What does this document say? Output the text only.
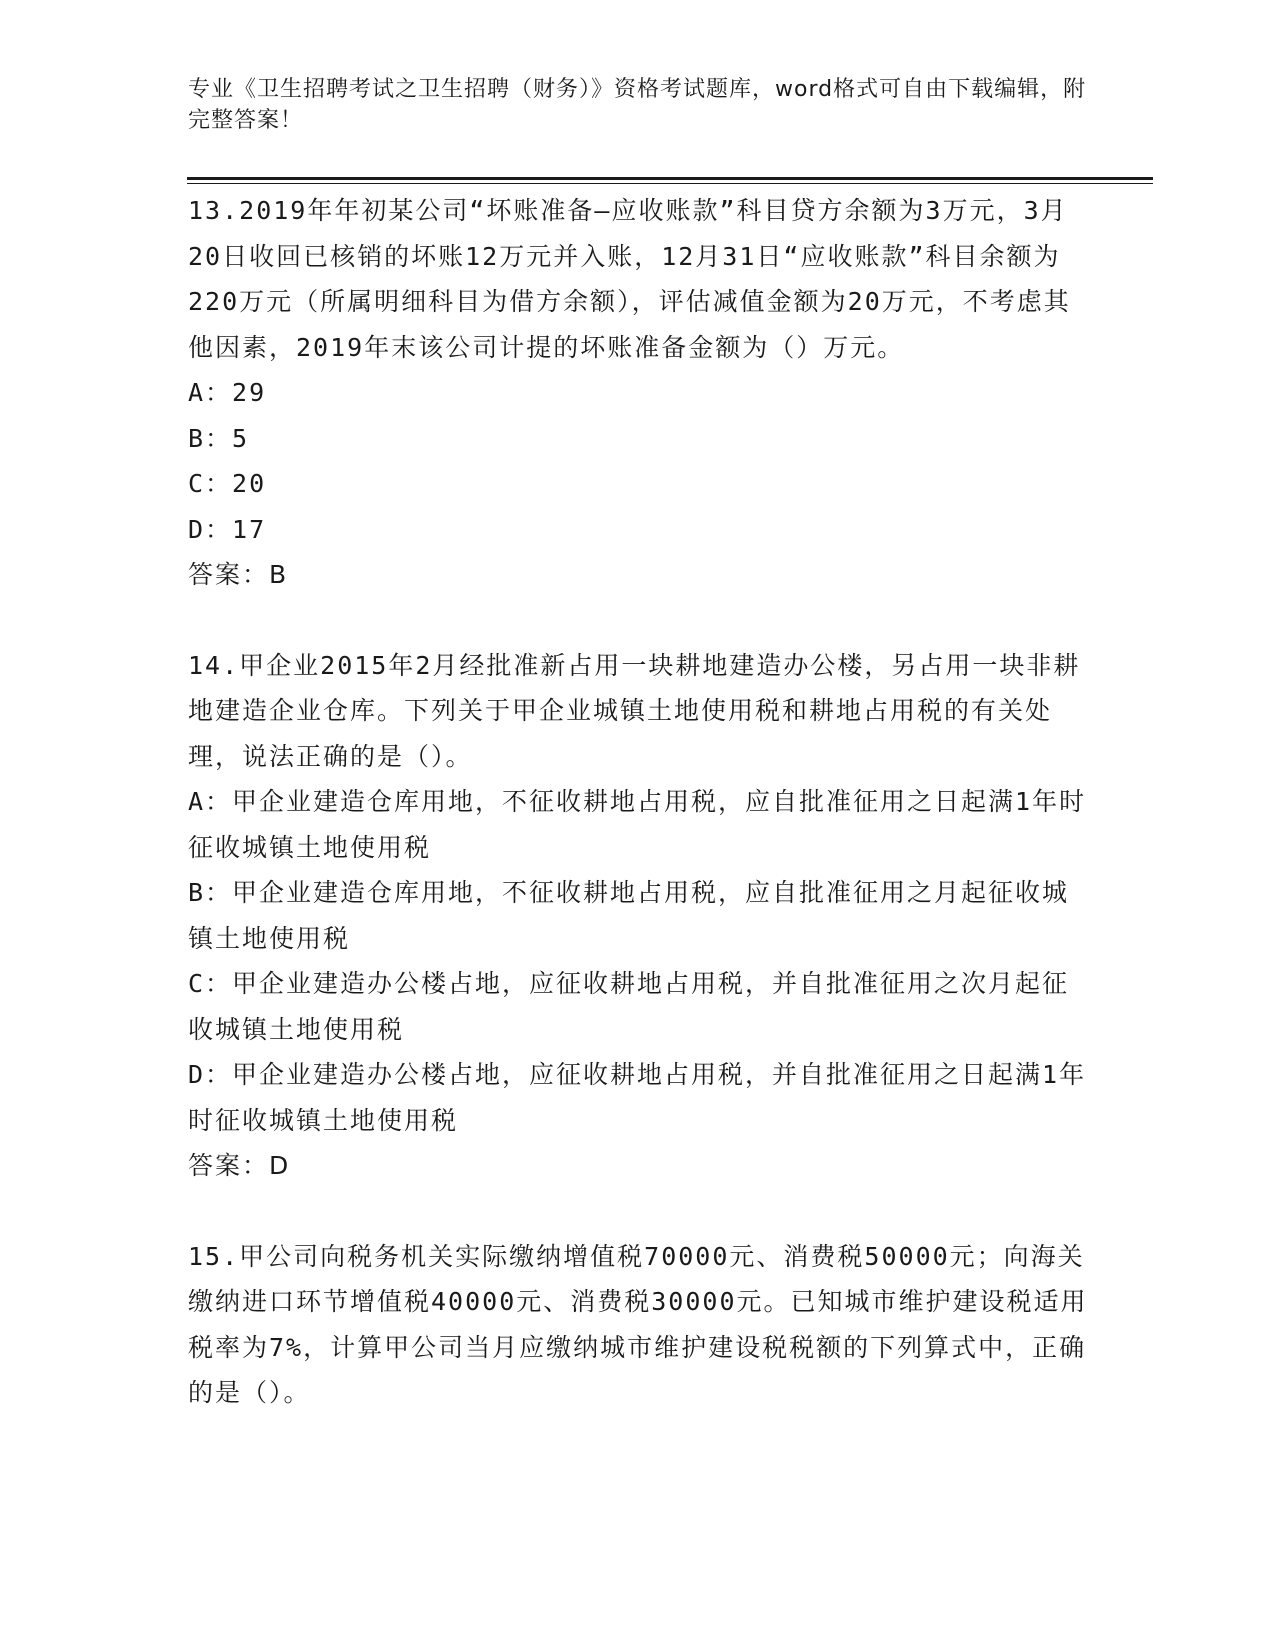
专业《卫生招聘考试之卫生招聘（财务）》资格考试题库，word格式可自由下载编辑，附完整答案！

13.2019年年初某公司“坏账准备—应收账款”科目贷方余额为3万元，3月20日收回已核销的坏账12万元并入账，12月31日“应收账款”科目余额为220万元（所属明细科目为借方余额），评估减值金额为20万元，不考虑其他因素，2019年末该公司计提的坏账准备金额为（）万元。

A：29

B：5

C：20

D：17

答案：B

14.甲企业2015年2月经批准新占用一块耕地建造办公楼，另占用一块非耕地建造企业仓库。下列关于甲企业城镇土地使用税和耕地占用税的有关处理，说法正确的是（）。

A：甲企业建造仓库用地，不征收耕地占用税，应自批准征用之日起满1年时征收城镇土地使用税

B：甲企业建造仓库用地，不征收耕地占用税，应自批准征用之月起征收城镇土地使用税

C：甲企业建造办公楼占地，应征收耕地占用税，并自批准征用之次月起征收城镇土地使用税

D：甲企业建造办公楼占地，应征收耕地占用税，并自批准征用之日起满1年时征收城镇土地使用税

答案：D

15.甲公司向税务机关实际缴纳增值税70000元、消费税50000元；向海关缴纳进口环节增值税40000元、消费税30000元。已知城市维护建设税适用税率为7%，计算甲公司当月应缴纳城市维护建设税税额的下列算式中，正确的是（）。
